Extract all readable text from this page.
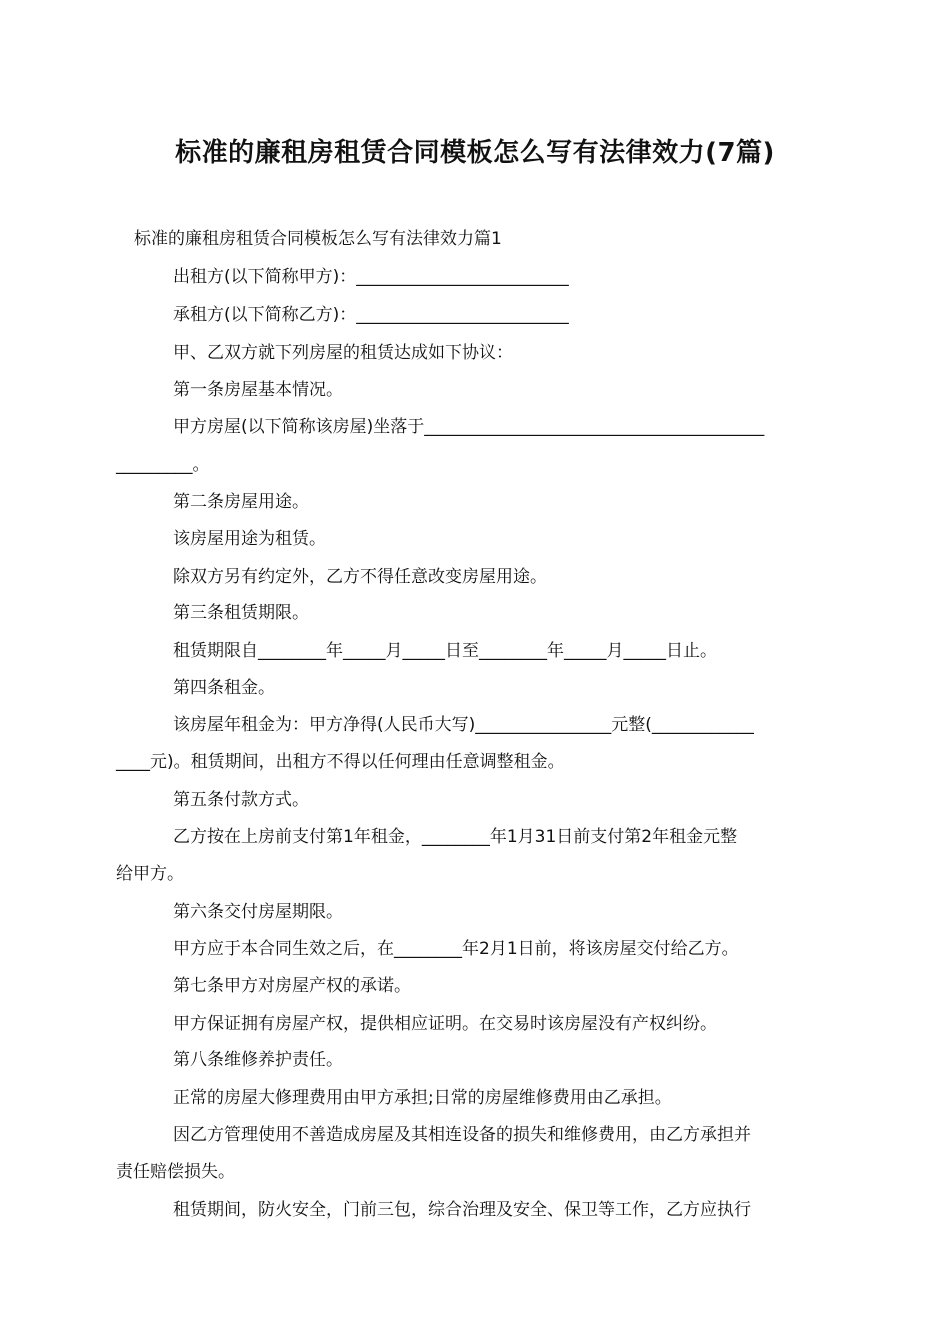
标准的廉租房租赁合同模板怎么写有法律效力(7篇)
标准的廉租房租赁合同模板怎么写有法律效力篇1
出租方(以下简称甲方)：_________________________
承租方(以下简称乙方)：_________________________
甲、乙双方就下列房屋的租赁达成如下协议：
第一条房屋基本情况。
甲方房屋(以下简称该房屋)坐落于________________________________________
_________。
第二条房屋用途。
该房屋用途为租赁。
除双方另有约定外，乙方不得任意改变房屋用途。
第三条租赁期限。
租赁期限自________年_____月_____日至________年_____月_____日止。
第四条租金。
该房屋年租金为：甲方净得(人民币大写)________________元整(____________
____元)。租赁期间，出租方不得以任何理由任意调整租金。
第五条付款方式。
乙方按在上房前支付第1年租金，________年1月31日前支付第2年租金元整
给甲方。
第六条交付房屋期限。
甲方应于本合同生效之后，在________年2月1日前，将该房屋交付给乙方。
第七条甲方对房屋产权的承诺。
甲方保证拥有房屋产权，提供相应证明。在交易时该房屋没有产权纠纷。
第八条维修养护责任。
正常的房屋大修理费用由甲方承担;日常的房屋维修费用由乙承担。
因乙方管理使用不善造成房屋及其相连设备的损失和维修费用，由乙方承担并
责任赔偿损失。
租赁期间，防火安全，门前三包，综合治理及安全、保卫等工作，乙方应执行
